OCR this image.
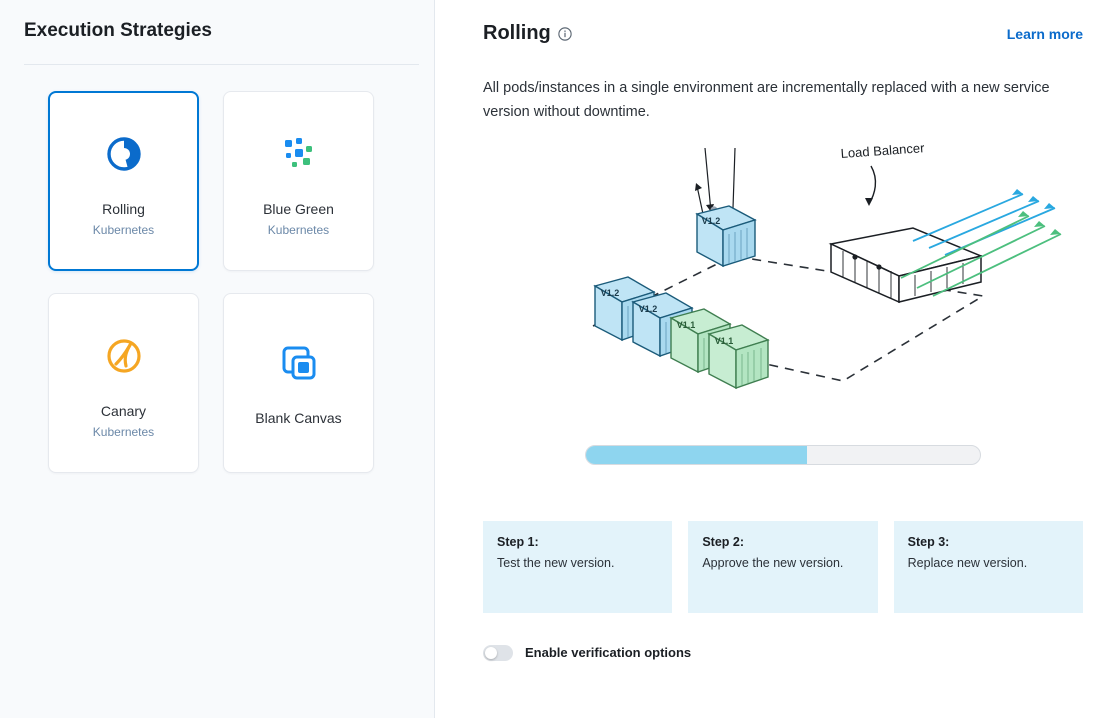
Execution Strategies
Rolling
Kubernetes
Blue Green
Kubernetes
Canary
Kubernetes
Blank Canvas
Rolling	Learn more
All pods/instances in a single environment are incrementally replaced with a new service version without downtime.
Load Balancer
V1.2
V1.2
V1.2
V1.1
V1.1
Step 1:
Test the new version.
Step 2:
Approve the new version.
Step 3:
Replace new version.
Enable verification options
